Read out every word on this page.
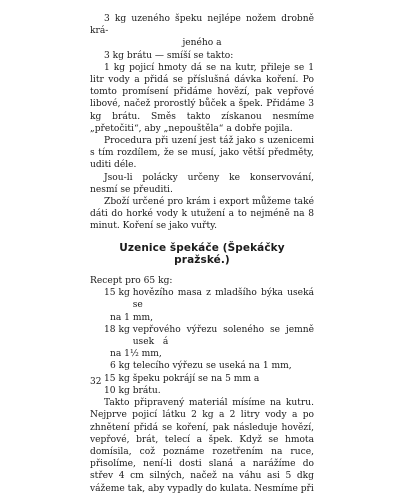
3 kg uzeného špeku nejlépe nožem drobně krá-
jeného a
3 kg brátu — smíší se takto:
1 kg pojicí hmoty dá se na kutr, přileje se 1 litr vody a přidá se příslušná dávka koření. Po tomto promísení přidáme hovězí, pak vepřové libové, načež prorostlý bůček a špek. Přidáme 3 kg brátu. Směs takto získanou nesmíme „přetočiti“, aby „nepouštěla“ a dobře pojila.
Procedura při uzení jest táž jako s uzenicemi s tím rozdílem, že se musí, jako větší předměty, uditi déle.
Jsou-li polácky určeny ke konservování, nesmí se přeuditi.
Zboží určené pro krám i export můžeme také dáti do horké vody k utužení a to nejméně na 8 minut. Koření se jako vuřty.
Uzenice špekáče (Špekáčky pražské.)
Recept pro 65 kg:
15 kg hovězího masa z mladšího býka useká se
na 1 mm,
18 kg vepřového výřezu soleného se jemně usekᅟá
na 1½ mm,
6 kg telecího výřezu se useká na 1 mm,
15 kg špeku pokrájí se na 5 mm a
10 kg brátu.
Takto připravený materiál mísíme na kutru. Nejprve pojicí látku 2 kg a 2 litry vody a po zhnětení přidá se koření, pak následuje hovězí, vepřové, brát, telecí a špek. Když se hmota domísila, což poznáme rozetřením na ruce, přisolíme, není-li dosti slaná a narážíme do střev 4 cm silných, načež na váhu asi 5 dkg vážeme tak, aby vypadly do kulata. Nesmíme při
32
